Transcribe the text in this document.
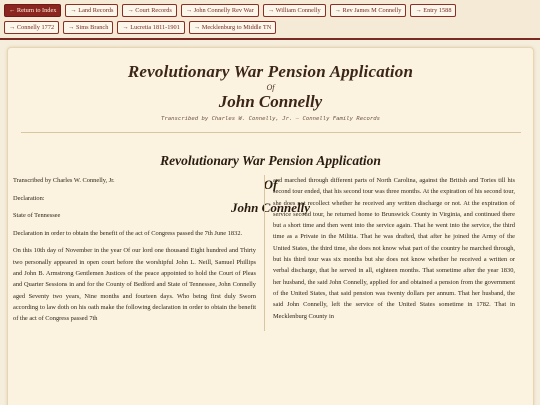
← Return to Index	→ Land Records	→ Court Records	→ John Connelly Rev War	→ William Connelly	→ Rev James M Connelly	→ Entry 1588
→ Connelly 1772	→ Sims Branch	→ Lucretia 1811-1901	→ Mecklenburg to Middle TN
Revolutionary War Pension Application
Of
John Connelly
Transcribed by Charles W. Connelly, Jr. — Connelly Family Records
Revolutionary War Pension Application
Of
John Connelly

Transcribed by Charles W. Connelly, Jr.

Declaration:

State of Tennessee

Declaration in order to obtain the benefit of the act of Congress passed the 7th June 1832.

On this 10th day of November in the year Of our lord one thousand Eight hundred and Thirty two personally appeared in open court before the worshipful John L. Neill, Samuel Phillips and John B. Armstrong Gentlemen Justices of the peace appointed to hold the Court of Pleas and Quarter Sessions in and for the County of Bedford and State of Tennessee, John Connelly aged Seventy two years, Nine months and fourteen days. Who being first duly Sworn according to law doth on his oath make the following declaration in order to obtain the benefit of the act of Congress passed 7th

and marched through different parts of North Carolina, against the British and Tories till his second tour ended, that his second tour was three months. At the expiration of his second tour, she does not recollect whether he received any written discharge or not. At the expiration of service second tour, he returned home to Brunswick County in Virginia, and continued there but a short time and then went into the service again. That he went into the service, the third time as a Private in the Militia. That he was drafted, that after he joined the Army of the United States, the third time, she does not know what part of the country he marched through, but his third tour was six months but she does not know whether he received a written or verbal discharge, that he served in all, eighteen months. That sometime after the year 1830, her husband, the said John Connelly, applied for and obtained a pension from the government of the United States, that said pension was twenty dollars per annum. That her husband, the said John Connelly, left the service of the United States sometime in 1782. That in Mecklenburg County in
